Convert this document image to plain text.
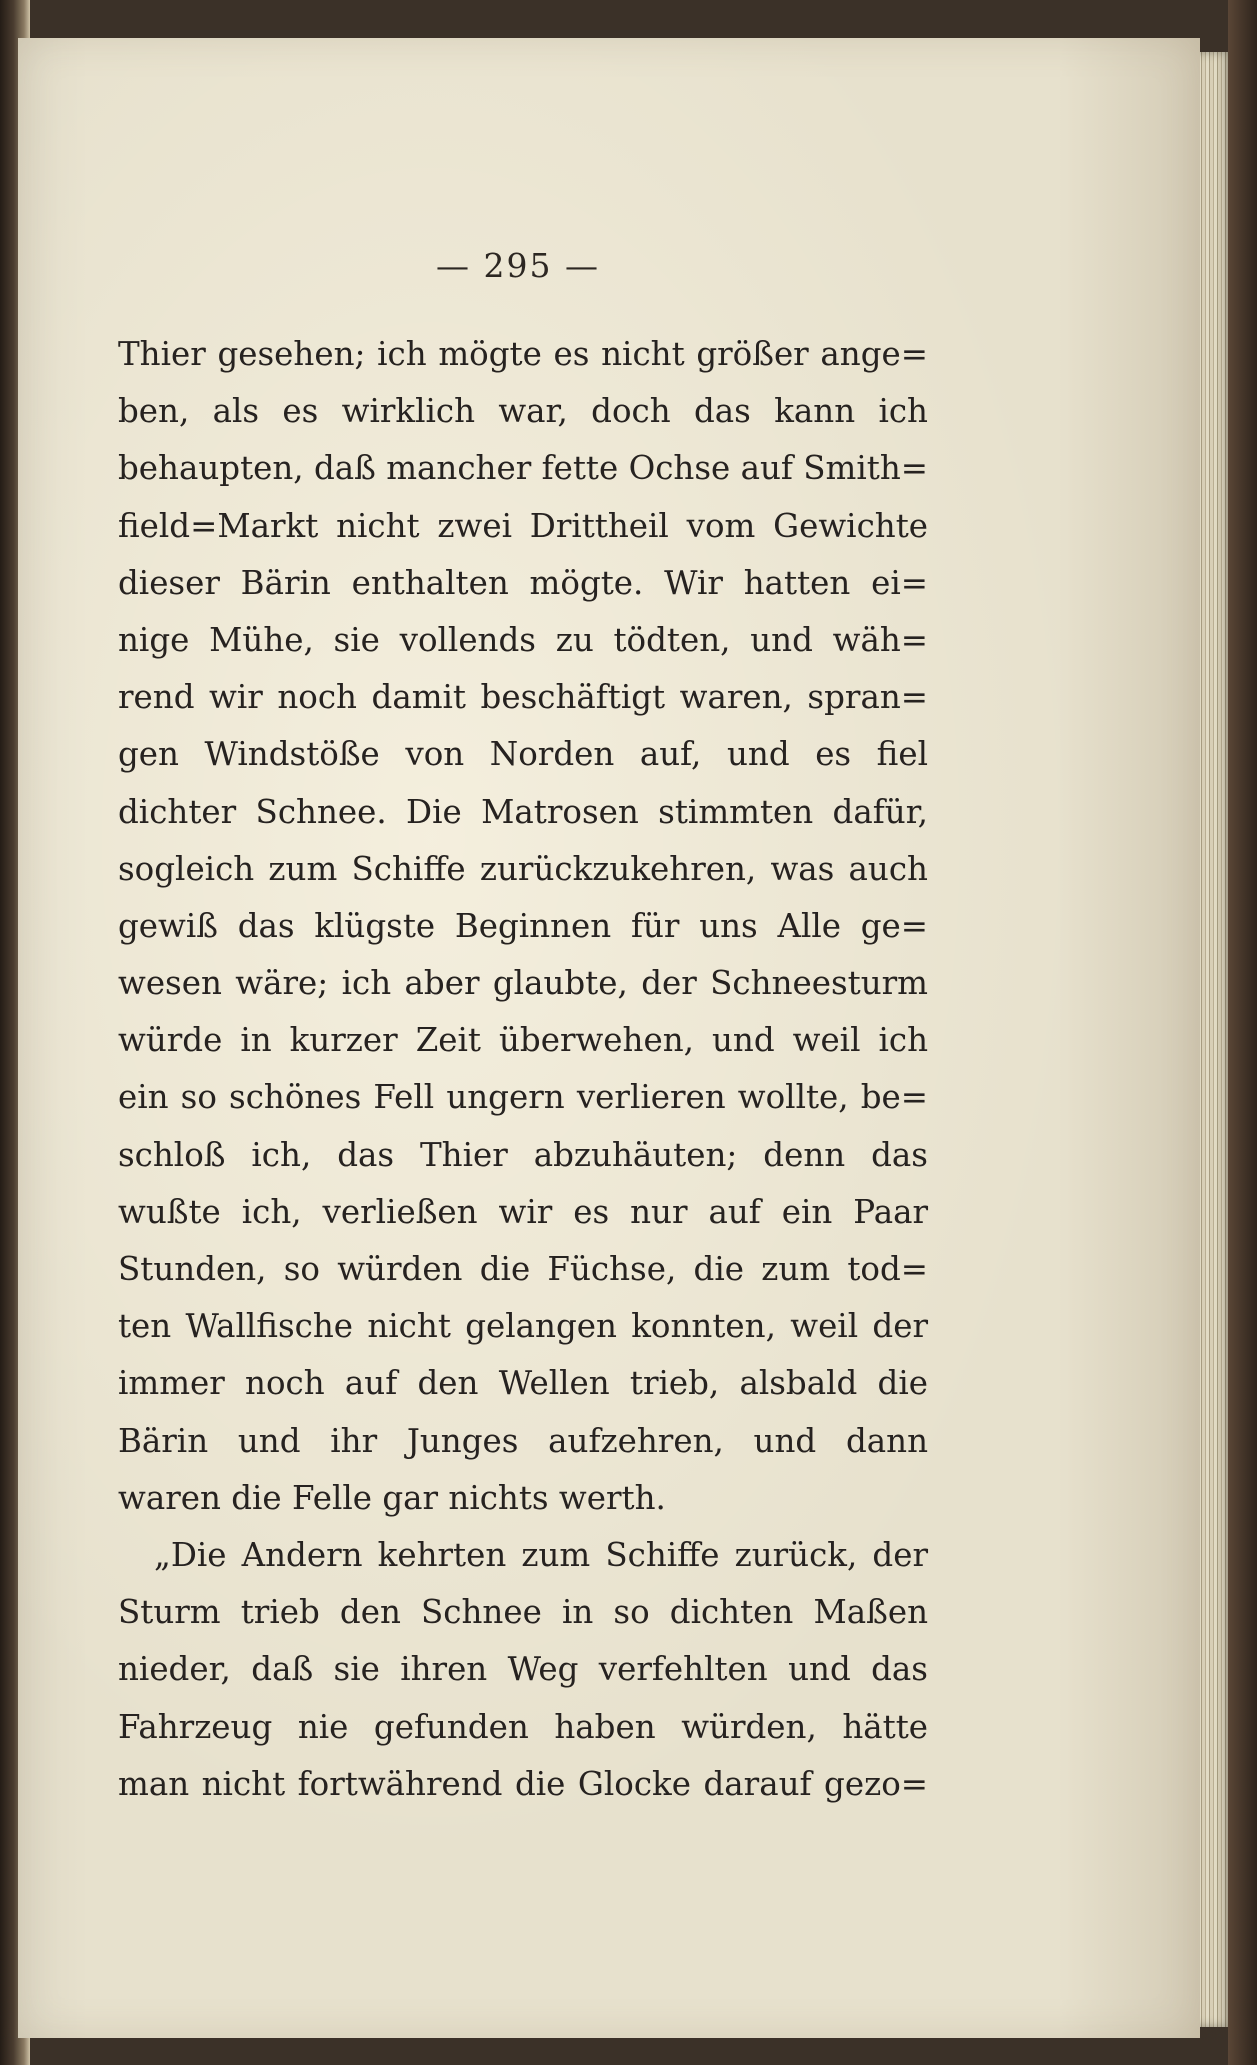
— 295 —
Thier gesehen; ich mögte es nicht größer ange=
ben, als es wirklich war, doch das kann ich
behaupten, daß mancher fette Ochse auf Smith=
field=Markt nicht zwei Drittheil vom Gewichte
dieser Bärin enthalten mögte. Wir hatten ei=
nige Mühe, sie vollends zu tödten, und wäh=
rend wir noch damit beschäftigt waren, spran=
gen Windstöße von Norden auf, und es fiel
dichter Schnee. Die Matrosen stimmten dafür,
sogleich zum Schiffe zurückzukehren, was auch
gewiß das klügste Beginnen für uns Alle ge=
wesen wäre; ich aber glaubte, der Schneesturm
würde in kurzer Zeit überwehen, und weil ich
ein so schönes Fell ungern verlieren wollte, be=
schloß ich, das Thier abzuhäuten; denn das
wußte ich, verließen wir es nur auf ein Paar
Stunden, so würden die Füchse, die zum tod=
ten Wallfische nicht gelangen konnten, weil der
immer noch auf den Wellen trieb, alsbald die
Bärin und ihr Junges aufzehren, und dann
waren die Felle gar nichts werth.
„Die Andern kehrten zum Schiffe zurück, der
Sturm trieb den Schnee in so dichten Maßen
nieder, daß sie ihren Weg verfehlten und das
Fahrzeug nie gefunden haben würden, hätte
man nicht fortwährend die Glocke darauf gezo=
